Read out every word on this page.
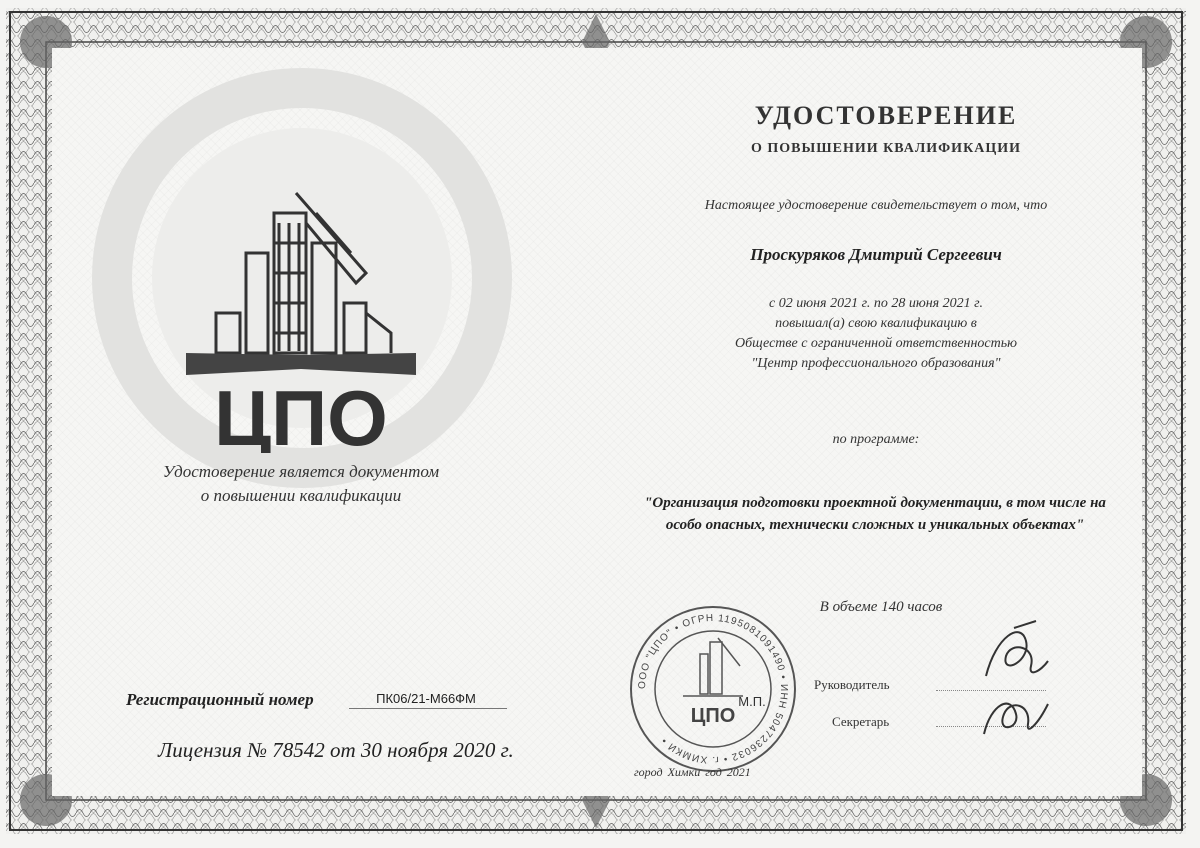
ЦПО
Удостоверение является документом
о повышении квалификации
Регистрационный номер	ПК06/21-М66ФМ
Лицензия № 78542 от 30 ноября 2020 г.
УДОСТОВЕРЕНИЕ
О ПОВЫШЕНИИ КВАЛИФИКАЦИИ
Настоящее удостоверение свидетельствует о том, что
Проскуряков Дмитрий Сергеевич
с 02 июня 2021 г. по 28 июня 2021 г.
повышал(а) свою квалификацию в
Обществе с ограниченной ответственностью
"Центр профессионального образования"
по программе:
"Организация подготовки проектной документации, в том числе на особо опасных, технически сложных и уникальных объектах"
В объеме 140 часов
ООО "ЦПО" • ОГРН 1195081091490 • ИНН 5047236032 • г. ХИМКИ •
ЦПО
М.П.
Руководитель
Секретарь
город Химки год 2021
